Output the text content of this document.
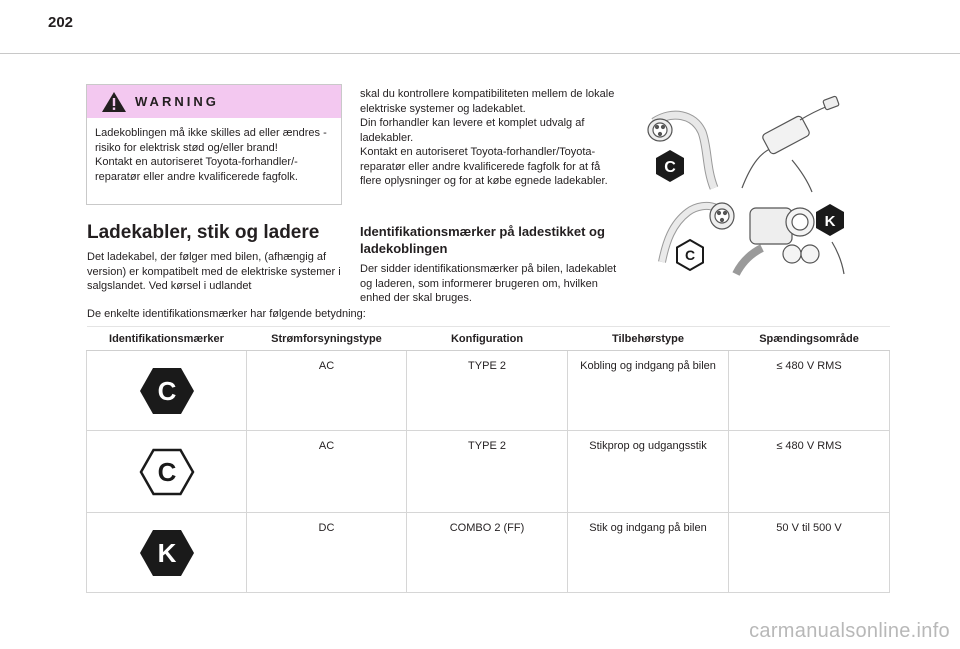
202
WARNING

Ladekoblingen må ikke skilles ad eller ændres - risiko for elektrisk stød og/eller brand!

Kontakt en autoriseret Toyota-forhandler/-reparatør eller andre kvalificerede fagfolk.

Ladekabler, stik og ladere
Det ladekabel, der følger med bilen, (afhængig af version) er kompatibelt med de elektriske systemer i salgslandet. Ved kørsel i udlandet

skal du kontrollere kompatibiliteten mellem de lokale elektriske systemer og ladekablet.

Din forhandler kan levere et komplet udvalg af ladekabler.

Kontakt en autoriseret Toyota-forhandler/Toyota-reparatør eller andre kvalificerede fagfolk for at få flere oplysninger og for at købe egnede ladekabler.

Identifikationsmærker på ladestikket og ladekoblingen
Der sidder identifikationsmærker på bilen, ladekablet og laderen, som informerer brugeren om, hvilken enhed der skal bruges.
C
C
K
De enkelte identifikationsmærker har følgende betydning:
Identifikationsmærker	Strømforsyningstype	Konfiguration	Tilbehørstype	Spændingsområde

C	AC	TYPE 2	Kobling og indgang på bilen	≤ 480 V RMS

C	AC	TYPE 2	Stikprop og udgangsstik	≤ 480 V RMS

K	DC	COMBO 2 (FF)	Stik og indgang på bilen	50 V til 500 V
carmanualsonline.info
